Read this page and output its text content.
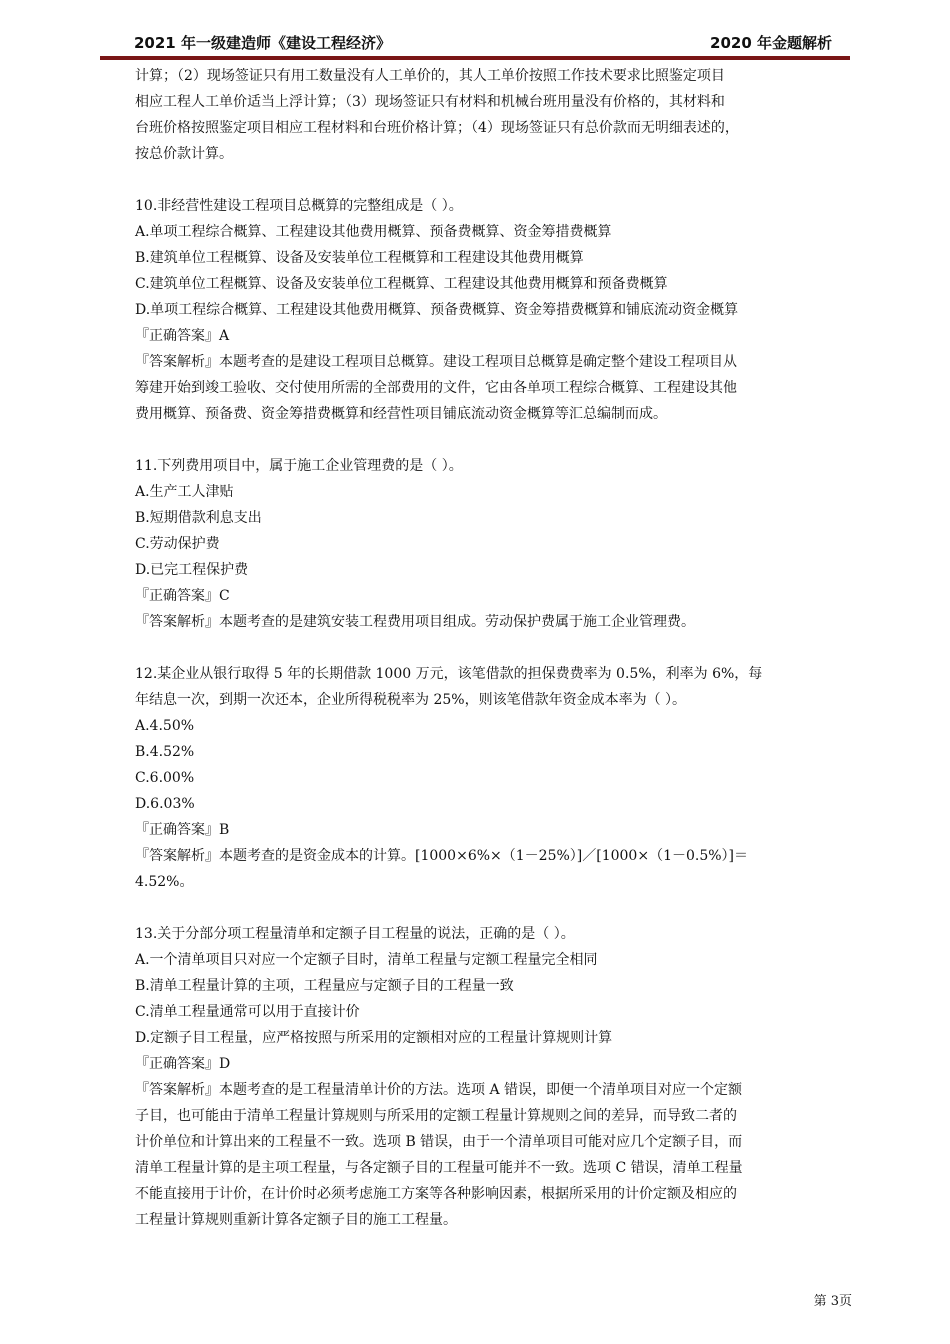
2021 年一级建造师《建设工程经济》	2020 年金题解析

计算；（2）现场签证只有用工数量没有人工单价的，其人工单价按照工作技术要求比照鉴定项目

相应工程人工单价适当上浮计算；（3）现场签证只有材料和机械台班用量没有价格的，其材料和

台班价格按照鉴定项目相应工程材料和台班价格计算；（4）现场签证只有总价款而无明细表述的，

按总价款计算。

10.非经营性建设工程项目总概算的完整组成是（ ）。

A.单项工程综合概算、工程建设其他费用概算、预备费概算、资金筹措费概算

B.建筑单位工程概算、设备及安装单位工程概算和工程建设其他费用概算

C.建筑单位工程概算、设备及安装单位工程概算、工程建设其他费用概算和预备费概算

D.单项工程综合概算、工程建设其他费用概算、预备费概算、资金筹措费概算和铺底流动资金概算

『正确答案』A

『答案解析』本题考查的是建设工程项目总概算。建设工程项目总概算是确定整个建设工程项目从

筹建开始到竣工验收、交付使用所需的全部费用的文件，它由各单项工程综合概算、工程建设其他

费用概算、预备费、资金筹措费概算和经营性项目铺底流动资金概算等汇总编制而成。

11.下列费用项目中，属于施工企业管理费的是（ ）。

A.生产工人津贴

B.短期借款利息支出

C.劳动保护费

D.已完工程保护费

『正确答案』C

『答案解析』本题考查的是建筑安装工程费用项目组成。劳动保护费属于施工企业管理费。

12.某企业从银行取得 5 年的长期借款 1000 万元，该笔借款的担保费费率为 0.5%，利率为 6%，每

年结息一次，到期一次还本，企业所得税税率为 25%，则该笔借款年资金成本率为（ ）。

A.4.50%

B.4.52%

C.6.00%

D.6.03%

『正确答案』B

『答案解析』本题考查的是资金成本的计算。[1000×6%×（1－25%）]／[1000×（1－0.5%）]＝

4.52%。

13.关于分部分项工程量清单和定额子目工程量的说法，正确的是（ ）。

A.一个清单项目只对应一个定额子目时，清单工程量与定额工程量完全相同

B.清单工程量计算的主项，工程量应与定额子目的工程量一致

C.清单工程量通常可以用于直接计价

D.定额子目工程量，应严格按照与所采用的定额相对应的工程量计算规则计算

『正确答案』D

『答案解析』本题考查的是工程量清单计价的方法。选项 A 错误，即便一个清单项目对应一个定额

子目，也可能由于清单工程量计算规则与所采用的定额工程量计算规则之间的差异，而导致二者的

计价单位和计算出来的工程量不一致。选项 B 错误，由于一个清单项目可能对应几个定额子目，而

清单工程量计算的是主项工程量，与各定额子目的工程量可能并不一致。选项 C 错误，清单工程量

不能直接用于计价，在计价时必须考虑施工方案等各种影响因素，根据所采用的计价定额及相应的

工程量计算规则重新计算各定额子目的施工工程量。

第 3页
